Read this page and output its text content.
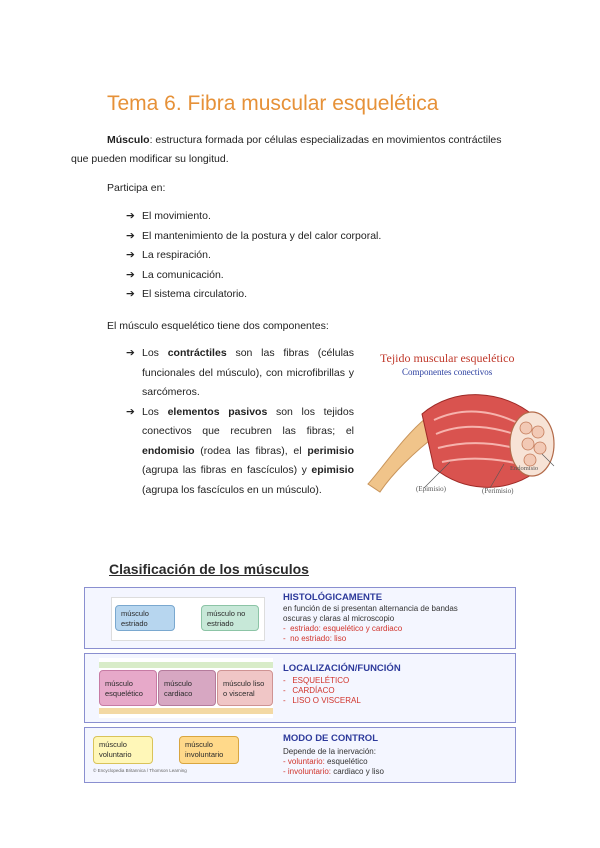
Tema 6. Fibra muscular esquelética
Músculo: estructura formada por células especializadas en movimientos contráctiles
que pueden modificar su longitud.
Participa en:
➔ El movimiento.
➔ El mantenimiento de la postura y del calor corporal.
➔ La respiración.
➔ La comunicación.
➔ El sistema circulatorio.
El músculo esquelético tiene dos componentes:
➔ Los contráctiles son las fibras (células funcionales del músculo), con microfibrillas y sarcómeros.
➔ Los elementos pasivos son los tejidos conectivos que recubren las fibras; el endomisio (rodea las fibras), el perimisio (agrupa las fibras en fascículos) y epimisio (agrupa los fascículos en un músculo).
Tejido muscular esquelético
Componentes conectivos
(Epimisio)	(Perimisio)
Endomisio
Clasificación de los músculos
músculo estriado
músculo no estriado
HISTOLÓGICAMENTE
en función de si presentan alternancia de bandas
oscuras y claras al microscopio
-  estriado: esquelético y cardiaco
-  no estriado: liso
músculo esquelético
músculo cardiaco
músculo liso o visceral
LOCALIZACIÓN/FUNCIÓN
-   ESQUELÉTICO
-   CARDÍACO
-   LISO O VISCERAL
músculo voluntario
músculo involuntario
© Encyclopedia Britannica / Thomson Learning
MODO DE CONTROL
Depende de la inervación:
- voluntario: esquelético
- involuntario: cardiaco y liso
